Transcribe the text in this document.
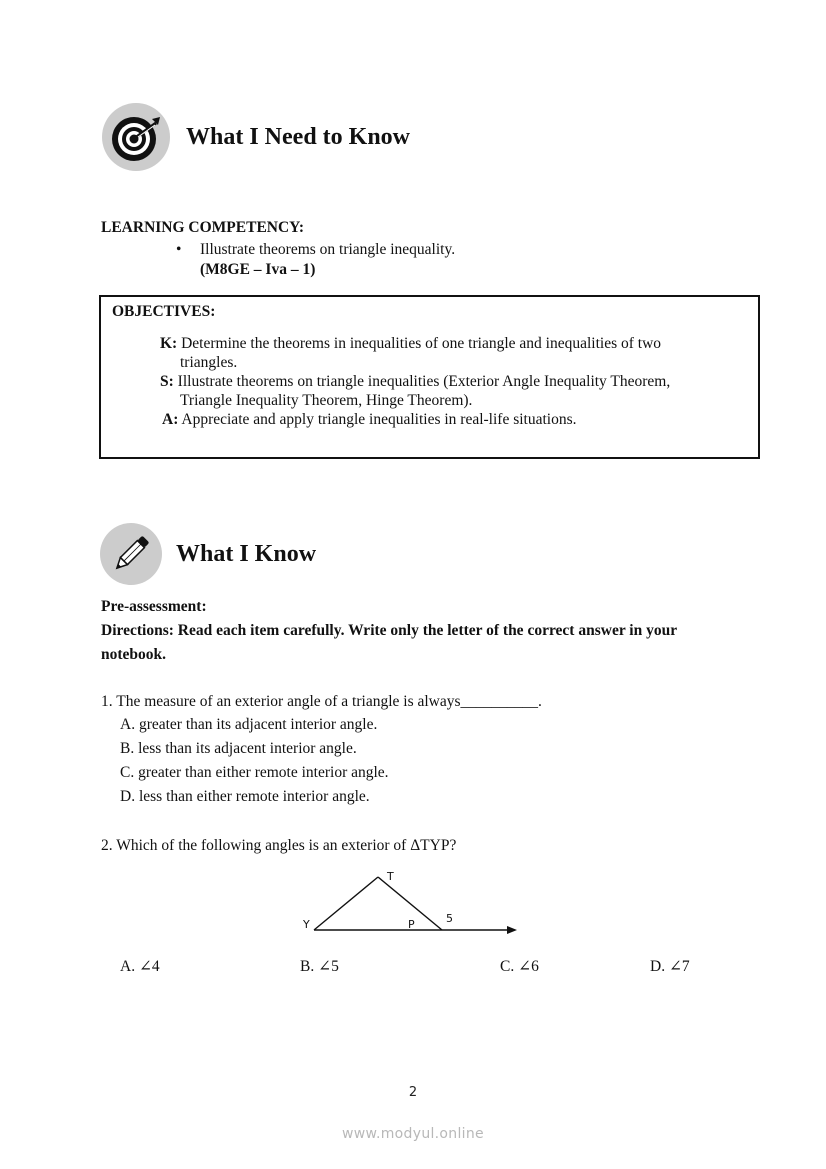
What I Need to Know
LEARNING COMPETENCY:
• Illustrate theorems on triangle inequality.
(M8GE – Iva – 1)
OBJECTIVES:
K: Determine the theorems in inequalities of one triangle and inequalities of two
triangles.
S: Illustrate theorems on triangle inequalities (Exterior Angle Inequality Theorem,
Triangle Inequality Theorem, Hinge Theorem).
A: Appreciate and apply triangle inequalities in real-life situations.
What I Know
Pre-assessment:
Directions: Read each item carefully. Write only the letter of the correct answer in your
notebook.
1. The measure of an exterior angle of a triangle is always__________.
A. greater than its adjacent interior angle.
B. less than its adjacent interior angle.
C. greater than either remote interior angle.
D. less than either remote interior angle.
2. Which of the following angles is an exterior of ΔTYP?
T
Y	P	5
A. ∠4	B. ∠5	C. ∠6	D. ∠7
2
www.modyul.online
